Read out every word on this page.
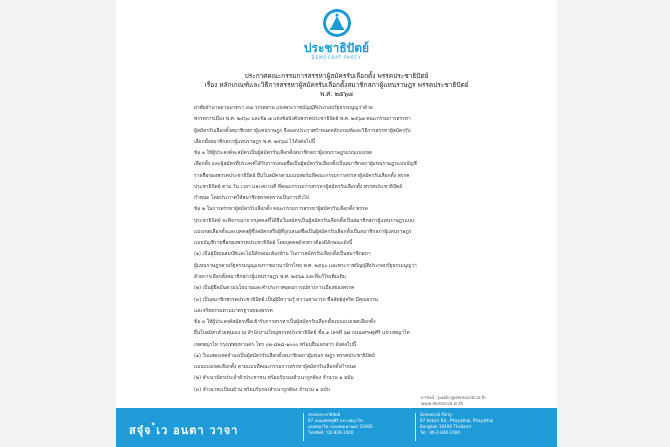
ประชาธิปัตย์
DEMOCRAT PARTY
ประกาศคณะกรรมการสรรหาผู้สมัครรับเลือกตั้ง พรรคประชาธิปัตย์
เรื่อง หลักเกณฑ์และวิธีการสรรหาผู้สมัครรับเลือกตั้งสมาชิกสภาผู้แทนราษฎร พรรคประชาธิปัตย์
พ.ศ. ๒๕๖๘

อาศัยอำนาจตามมาตรา ๔๗ วรรคสาม แห่งพระราชบัญญัติประกอบรัฐธรรมนูญว่าด้วย

พรรคการเมือง พ.ศ. ๒๕๖๐ และข้อ ๗ แห่งข้อบังคับพรรคประชาธิปัตย์ พ.ศ. ๒๕๖๗ คณะกรรมการสรรหา

ผู้สมัครรับเลือกตั้งสมาชิกสภาผู้แทนราษฎร จึงออกประกาศกำหนดหลักเกณฑ์และวิธีการสรรหาผู้สมัครรับ

เลือกตั้งสมาชิกสภาผู้แทนราษฎร พ.ศ. ๒๕๖๘ ไว้ดังต่อไปนี้

ข้อ ๑ ให้ผู้ประสงค์จะสมัครเป็นผู้สมัครรับเลือกตั้งสมาชิกสภาผู้แทนราษฎรแบบแบ่งเขต

เลือกตั้ง และผู้สมัครที่ประสงค์ได้รับการเสนอชื่อเป็นผู้สมัครรับเลือกตั้งเป็นสมาชิกสภาผู้แทนราษฎรแบบบัญชี

รายชื่อของพรรคประชาธิปัตย์ ยื่นใบสมัครตามแบบฟอร์มที่คณะกรรมการสรรหาผู้สมัครรับเลือกตั้ง พรรค

ประชาธิปัตย์ ตาม วัน เวลา และสถานที่ ที่คณะกรรมการสรรหาผู้สมัครรับเลือกตั้ง พรรคประชาธิปัตย์

กำหนด โดยประกาศให้สมาชิกพรรคทราบเป็นการทั่วไป

ข้อ ๒ ในการสรรหาผู้สมัครรับเลือกตั้ง คณะกรรมการสรรหาผู้สมัครรับเลือกตั้ง พรรค

ประชาธิปัตย์ จะพิจารณาจากบุคคลที่ได้ยื่นใบสมัครเป็นผู้สมัครรับเลือกตั้งเป็นสมาชิกสภาผู้แทนราษฎรแบบ

แบ่งเขตเลือกตั้งและบุคคลผู้ซึ่งสมัครหรือผู้ที่ถูกเสนอชื่อเป็นผู้สมัครรับเลือกตั้งเป็นสมาชิกสภาผู้แทนราษฎร

แบบบัญชีรายชื่อของพรรคประชาธิปัตย์ โดยบุคคลดังกล่าวต้องมีลักษณะดังนี้

(๑) เป็นผู้มีคุณสมบัติและไม่มีลักษณะต้องห้าม ในการสมัครรับเลือกตั้งเป็นสมาชิกสภา

ผู้แทนราษฎรตามรัฐธรรมนูญแห่งราชอาณาจักรไทย พ.ศ. ๒๕๖๐ และพระราชบัญญัติประกอบรัฐธรรมนูญว่า

ด้วยการเลือกตั้งสมาชิกสภาผู้แทนราษฎร พ.ศ. ๒๕๖๑ และที่แก้ไขเพิ่มเติม

(๒) เป็นผู้ยึดมั่นตามนโยบายและคำประกาศอุดมการณ์ทางการเมืองของพรรค

(๓) เป็นสมาชิกพรรคประชาธิปัตย์ เป็นผู้มีความรู้ ความสามารถ ซื่อสัตย์สุจริต มีคุณธรรม

และจริยธรรมตามมาตรฐานของพรรค

ข้อ ๓ ให้ผู้ประสงค์สมัครเพื่อเข้ารับการสรรหาเป็นผู้สมัครรับเลือกตั้งแบบแบ่งเขตเลือกตั้ง

ยื่นใบสมัครด้วยตนเอง ณ สำนักงานใหญ่พรรคประชาธิปัตย์ ชั้น ๑ เลขที่ ๖๗ ถนนเศรษฐศิริ แขวงพญาไท

เขตพญาไท กรุงเทพมหานคร โทร ๐๒-๘๒๘-๑๐๐๐ พร้อมยื่นเอกสาร ดังต่อไปนี้

(๑) ใบแสดงเจตจำนงเป็นผู้สมัครรับเลือกตั้งสมาชิกสภาผู้แทนราษฎร พรรคประชาธิปัตย์

แบบแบ่งเขตเลือกตั้ง ตามแบบที่คณะกรรมการสรรหาผู้สมัครรับเลือกตั้งกำหนด

(๒) สำเนาบัตรประจำตัวประชาชน พร้อมรับรองสำเนาถูกต้อง จำนวน ๑ ฉบับ

(๓) สำเนาทะเบียนบ้าน พร้อมรับรองสำเนาถูกต้อง จำนวน ๑ ฉบับ

e-mail : public@democrat.or.th
www.democrat.or.th
สจุ๋จ ๋เว อนตา วาจา
พรรคประชาธิปัตย์
67 ถนนเศรษฐศิริ แขวงพญาไท
เขตพญาไท กรุงเทพมหานคร 10400
โทรศัพท์ : 02-828-1000
Democrat Party
67 Setsiri Rd., Phayathai, Phayathai
Bangkok 10400 Thailand
Tel : 66-2-828-1000
